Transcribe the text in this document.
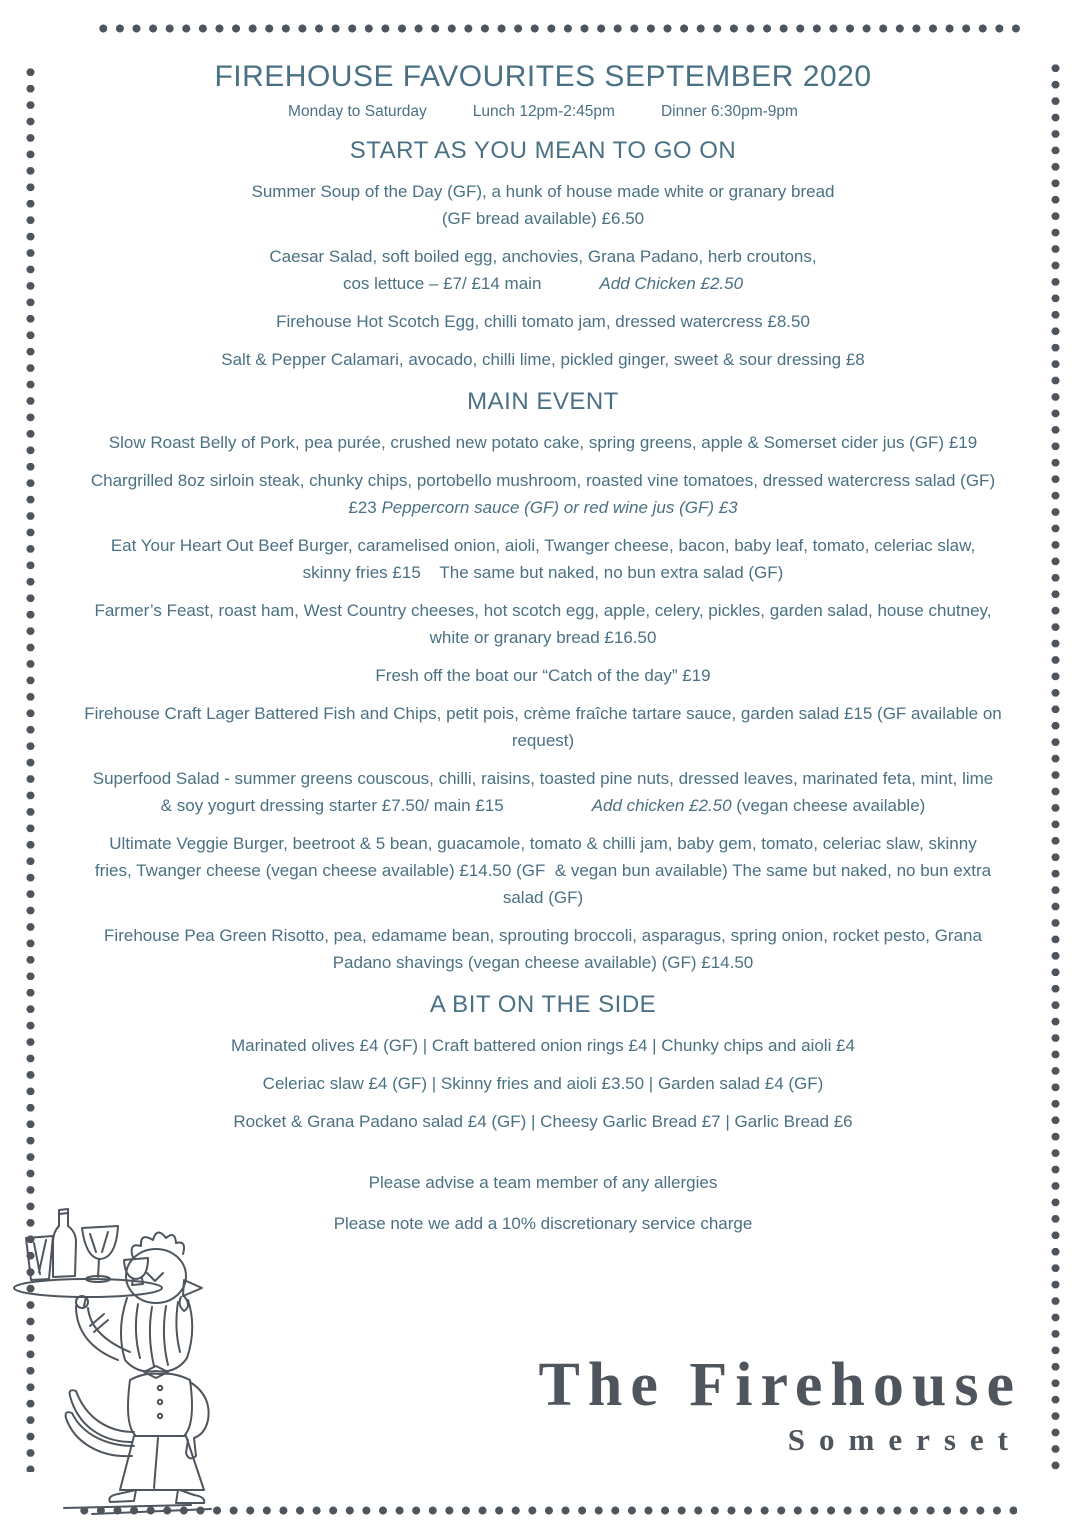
FIREHOUSE FAVOURITES SEPTEMBER 2020
Monday to Saturday	Lunch 12pm-2:45pm	Dinner 6:30pm-9pm
START AS YOU MEAN TO GO ON
Summer Soup of the Day (GF), a hunk of house made white or granary bread
(GF bread available) £6.50
Caesar Salad, soft boiled egg, anchovies, Grana Padano, herb croutons,
cos lettuce – £7/ £14 main	Add Chicken £2.50
Firehouse Hot Scotch Egg, chilli tomato jam, dressed watercress £8.50
Salt & Pepper Calamari, avocado, chilli lime, pickled ginger, sweet & sour dressing £8
MAIN EVENT
Slow Roast Belly of Pork, pea purée, crushed new potato cake, spring greens, apple & Somerset cider jus (GF) £19
Chargrilled 8oz sirloin steak, chunky chips, portobello mushroom, roasted vine tomatoes, dressed watercress salad (GF)
£23 Peppercorn sauce (GF) or red wine jus (GF) £3
Eat Your Heart Out Beef Burger, caramelised onion, aioli, Twanger cheese, bacon, baby leaf, tomato, celeriac slaw,
skinny fries £15    The same but naked, no bun extra salad (GF)
Farmer’s Feast, roast ham, West Country cheeses, hot scotch egg, apple, celery, pickles, garden salad, house chutney,
white or granary bread £16.50
Fresh off the boat our “Catch of the day” £19
Firehouse Craft Lager Battered Fish and Chips, petit pois, crème fraîche tartare sauce, garden salad £15 (GF available on
request)
Superfood Salad - summer greens couscous, chilli, raisins, toasted pine nuts, dressed leaves, marinated feta, mint, lime
& soy yogurt dressing starter £7.50/ main £15	Add chicken £2.50 (vegan cheese available)
Ultimate Veggie Burger, beetroot & 5 bean, guacamole, tomato & chilli jam, baby gem, tomato, celeriac slaw, skinny
fries, Twanger cheese (vegan cheese available) £14.50 (GF  & vegan bun available) The same but naked, no bun extra
salad (GF)
Firehouse Pea Green Risotto, pea, edamame bean, sprouting broccoli, asparagus, spring onion, rocket pesto, Grana
Padano shavings (vegan cheese available) (GF) £14.50
A BIT ON THE SIDE
Marinated olives £4 (GF) | Craft battered onion rings £4 | Chunky chips and aioli £4
Celeriac slaw £4 (GF) | Skinny fries and aioli £3.50 | Garden salad £4 (GF)
Rocket & Grana Padano salad £4 (GF) | Cheesy Garlic Bread £7 | Garlic Bread £6
Please advise a team member of any allergies
Please note we add a 10% discretionary service charge
The Firehouse
Somerset
